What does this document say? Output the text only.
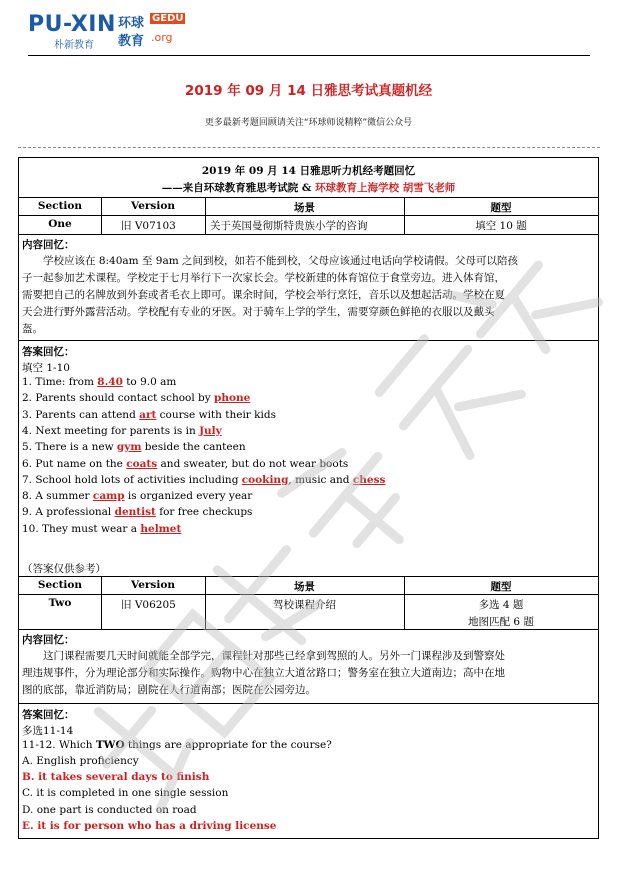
PU-XIN
朴新教育
环球 GEDU
教育 .org
2019 年 09 月 14 日雅思考试真题机经
更多最新考题回顾请关注“环球师说精粹”微信公众号
2019 年 09 月 14 日雅思听力机经考题回忆
——来自环球教育雅思考试院 & 环球教育上海学校 胡雪飞老师
Section	Version	场景	题型
One	旧 V07103	关于英国曼彻斯特贵族小学的咨询	填空 10 题
内容回忆：
学校应该在 8:40am 至 9am 之间到校，如若不能到校，父母应该通过电话向学校请假。父母可以陪孩
子一起参加艺术课程。学校定于七月举行下一次家长会。学校新建的体育馆位于食堂旁边。进入体育馆，
需要把自己的名牌放到外套或者毛衣上即可。课余时间，学校会举行烹饪，音乐以及想起活动。学校在夏
天会进行野外露营活动。学校配有专业的牙医。对于骑车上学的学生，需要穿颜色鲜艳的衣服以及戴头
盔。
答案回忆：
填空 1-10
1. Time: from 8.40 to 9.0 am
2. Parents should contact school by phone
3. Parents can attend art course with their kids
4. Next meeting for parents is in July
5. There is a new gym beside the canteen
6. Put name on the coats and sweater, but do not wear boots
7. School hold lots of activities including cooking, music and chess
8. A summer camp is organized every year
9. A professional dentist for free checkups
10. They must wear a helmet
（答案仅供参考）
Section	Version	场景	题型
Two	旧 V06205	驾校课程介绍	多选 4 题
地图匹配 6 题
内容回忆：
这门课程需要几天时间就能全部学完，课程针对那些已经拿到驾照的人。另外一门课程涉及到警察处
理违规事件，分为理论部分和实际操作。购物中心在独立大道岔路口；警务室在独立大道南边；高中在地
图的底部，靠近消防局；剧院在人行道南部；医院在公园旁边。
答案回忆：
多选11-14
11-12. Which TWO things are appropriate for the course?
A. English proficiency
B. it takes several days to finish
C. it is completed in one single session
D. one part is conducted on road
E. it is for person who has a driving license
